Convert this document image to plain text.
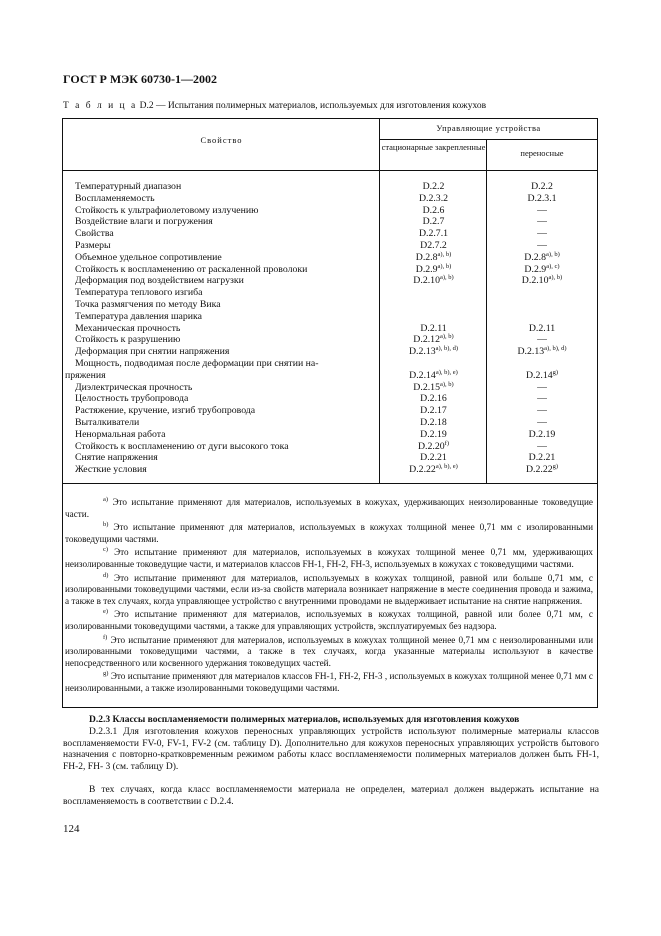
ГОСТ Р МЭК 60730-1—2002
Т а б л и ц а D.2 — Испытания полимерных материалов, используемых для изготовления кожухов
Свойство
Управляющие устройства
стационарные закрепленные
переносные
Температурный диапазон	D.2.2	D.2.2
Воспламеняемость	D.2.3.2	D.2.3.1
Стойкость к ультрафиолетовому излучению	D.2.6	—
Воздействие влаги и погружения	D.2.7	—
Свойства	D.2.7.1	—
Размеры	D2.7.2	—
Объемное удельное сопротивление	$D.2.8^{a), b)}$	$D.2.8^{a), b)}$
Стойкость к воспламенению от раскаленной проволоки	$D.2.9^{a), b)}$	$D.2.9^{a), c)}$
Деформация под воздействием нагрузки	$D.2.10^{a), b)}$	$D.2.10^{a), b)}$
Температура теплового изгиба
Точка размягчения по методу Вика
Температура давления шарика
Механическая прочность	D.2.11	D.2.11
Стойкость к разрушению	$D.2.12^{a), b)}$	—
Деформация при снятии напряжения	$D.2.13^{a), b), d)}$	$D.2.13^{a), b), d)}$
Мощность, подводимая после деформации при снятии на-
пряжения	$D.2.14^{a), b), e)}$	D.2.14$^{g)}$
Диэлектрическая прочность	$D.2.15^{a), b)}$	—
Целостность трубопровода	D.2.16	—
Растяжение, кручение, изгиб трубопровода	D.2.17	—
Выталкиватели	D.2.18	—
Ненормальная работа	D.2.19	D.2.19
Стойкость к воспламенению от дуги высокого тока	D.2.20$^{f)}$	—
Снятие напряжения	D.2.21	D.2.21
Жесткие условия	$D.2.22^{a), b), e)}$	D.2.22$^{g)}$
$^{a)}$ Это испытание применяют для материалов, используемых в кожухах, удерживающих неизолированные токоведущие части.
$^{b)}$ Это испытание применяют для материалов, используемых в кожухах толщиной менее 0,71 мм с изолированными токоведущими частями.
$^{c)}$ Это испытание применяют для материалов, используемых в кожухах толщиной менее 0,71 мм, удерживающих неизолированные токоведущие части, и материалов классов FH-1, FH-2, FH-3, используемых в кожухах с токоведущими частями.
$^{d)}$ Это испытание применяют для материалов, используемых в кожухах толщиной, равной или больше 0,71 мм, с изолированными токоведущими частями, если из-за свойств материала возникает напряжение в месте соединения провода и зажима, а также в тех случаях, когда управляющее устройство с внутренними проводами не выдерживает испытание на снятие напряжения.
$^{e)}$ Это испытание применяют для материалов, используемых в кожухах толщиной, равной или более 0,71 мм, с изолированными токоведущими частями, а также для управляющих устройств, эксплуатируемых без надзора.
$^{f)}$ Это испытание применяют для материалов, используемых в кожухах толщиной менее 0,71 мм с неизолированными или изолированными токоведущими частями, а также в тех случаях, когда указанные материалы используют в качестве непосредственного или косвенного удержания токоведущих частей.
$^{g)}$ Это испытание применяют для материалов классов FH-1, FH-2, FH-3 , используемых в кожухах толщиной менее 0,71 мм с неизолированными, а также изолированными токоведущими частями.
D.2.3 Классы воспламеняемости полимерных материалов, используемых для изготовления кожухов
D.2.3.1 Для изготовления кожухов переносных управляющих устройств используют полимерные материалы классов воспламеняемости FV-0, FV-1, FV-2 (см. таблицу D). Дополнительно для кожухов переносных управляющих устройств бытового назначения с повторно-кратковременным режимом работы класс воспламеняемости полимерных материалов должен быть FH-1, FH-2, FH- 3 (см. таблицу D).
В тех случаях, когда класс воспламеняемости материала не определен, материал должен выдержать испытание на воспламеняемость в соответствии с D.2.4.
124
